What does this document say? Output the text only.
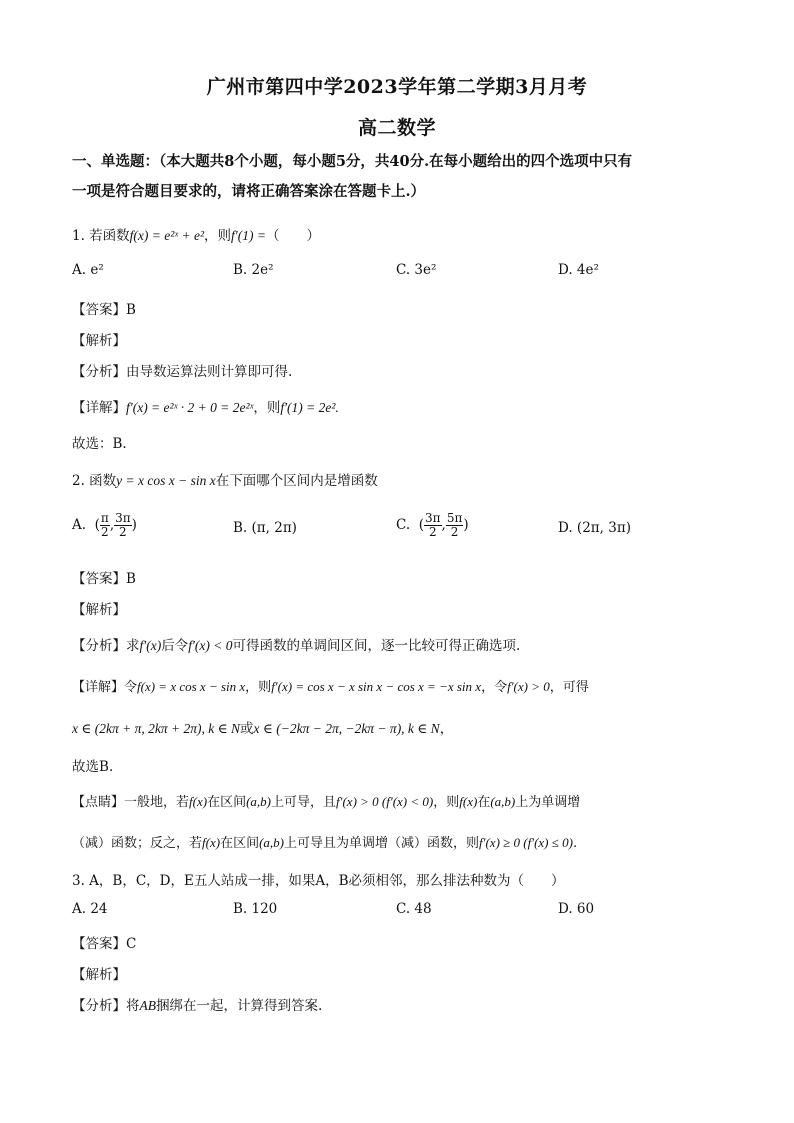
广州市第四中学2023学年第二学期3月月考
高二数学
一、单选题：（本大题共8个小题，每小题5分，共40分.在每小题给出的四个选项中只有
一项是符合题目要求的，请将正确答案涂在答题卡上.）
1. 若函数f(x) = e²ˣ + e²，则f′(1) =（　　）
A. e²	B. 2e²	C. 3e²	D. 4e²
【答案】B
【解析】
【分析】由导数运算法则计算即可得.
【详解】f′(x) = e²ˣ · 2 + 0 = 2e²ˣ，则f′(1) = 2e².
故选：B.
2. 函数y = x cos x − sin x在下面哪个区间内是增函数
A. ( $\frac{\pi}{2}$ , $\frac{3\pi}{2}$ )	B. (π, 2π)	C. ( $\frac{3\pi}{2}$ , $\frac{5\pi}{2}$ )	D. (2π, 3π)
【答案】B
【解析】
【分析】求f′(x)后令f′(x) < 0可得函数的单调间区间，逐一比较可得正确选项.
【详解】令f(x) = x cos x − sin x，则f′(x) = cos x − x sin x − cos x = −x sin x，令f′(x) > 0，可得
x ∈ (2kπ + π, 2kπ + 2π), k ∈ N或x ∈ (−2kπ − 2π, −2kπ − π), k ∈ N，
故选B.
【点睛】一般地，若f(x)在区间(a,b)上可导，且f′(x) > 0 (f′(x) < 0)，则f(x)在(a,b)上为单调增
（减）函数；反之，若f(x)在区间(a,b)上可导且为单调增（减）函数，则f′(x) ≥ 0 (f′(x) ≤ 0).
3. A，B，C，D，E五人站成一排，如果A，B必须相邻，那么排法种数为（　　）
A. 24	B. 120	C. 48	D. 60
【答案】C
【解析】
【分析】将AB捆绑在一起，计算得到答案.
